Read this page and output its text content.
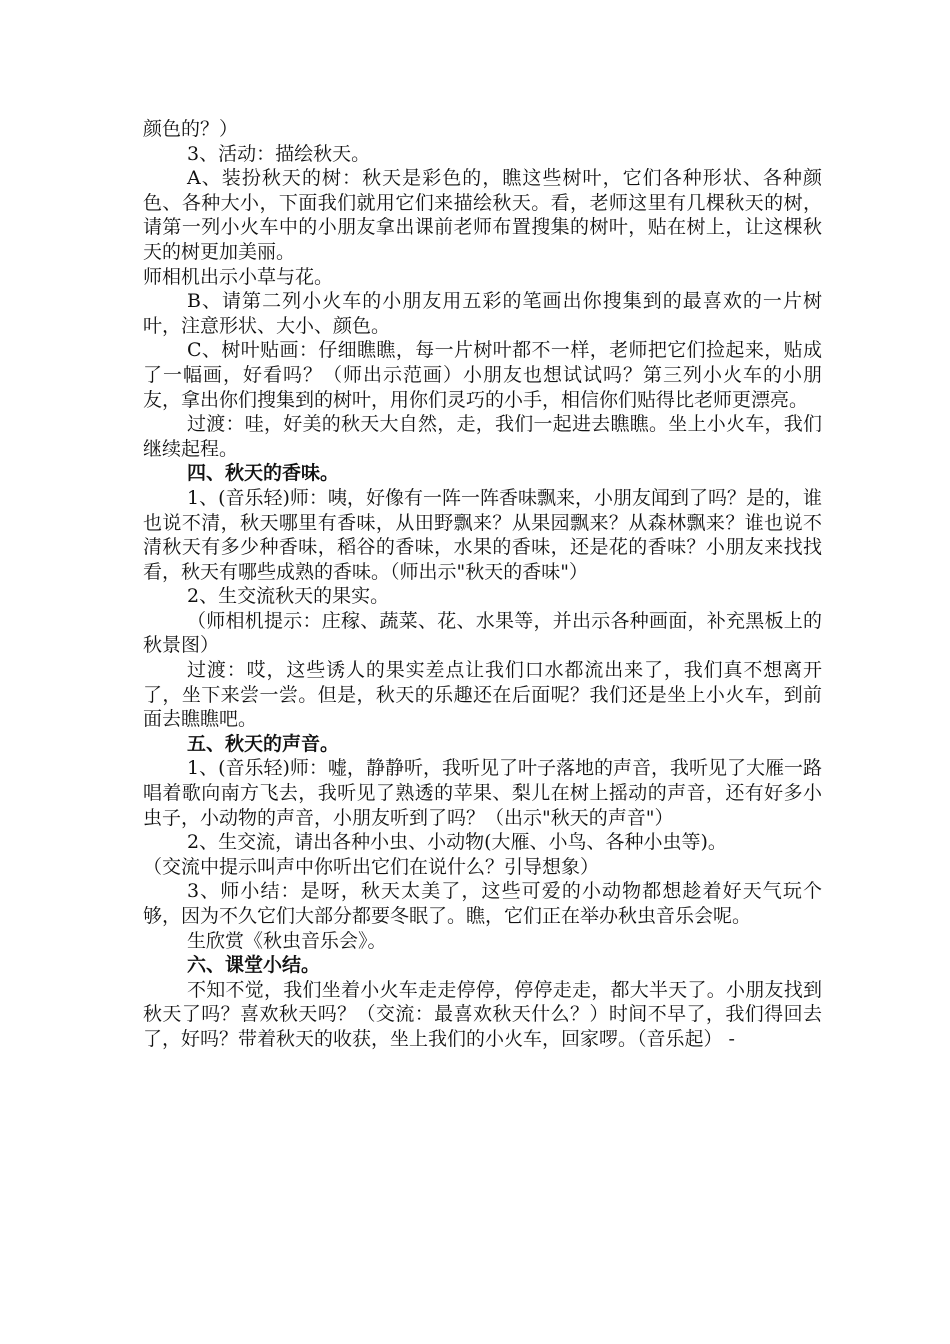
颜色的？）

3、活动：描绘秋天。

A、装扮秋天的树：秋天是彩色的，瞧这些树叶，它们各种形状、各种颜色、各种大小，下面我们就用它们来描绘秋天。看，老师这里有几棵秋天的树，请第一列小火车中的小朋友拿出课前老师布置搜集的树叶，贴在树上，让这棵秋天的树更加美丽。

师相机出示小草与花。

B、请第二列小火车的小朋友用五彩的笔画出你搜集到的最喜欢的一片树叶，注意形状、大小、颜色。

C、树叶贴画：仔细瞧瞧，每一片树叶都不一样，老师把它们捡起来，贴成了一幅画，好看吗？（师出示范画）小朋友也想试试吗？第三列小火车的小朋友，拿出你们搜集到的树叶，用你们灵巧的小手，相信你们贴得比老师更漂亮。

过渡：哇，好美的秋天大自然，走，我们一起进去瞧瞧。坐上小火车，我们继续起程。

四、秋天的香味。

1、(音乐轻)师：咦，好像有一阵一阵香味飘来，小朋友闻到了吗？是的，谁也说不清，秋天哪里有香味，从田野飘来？从果园飘来？从森林飘来？谁也说不清秋天有多少种香味，稻谷的香味，水果的香味，还是花的香味？小朋友来找找看，秋天有哪些成熟的香味。（师出示"秋天的香味"）

2、生交流秋天的果实。

（师相机提示：庄稼、蔬菜、花、水果等，并出示各种画面，补充黑板上的秋景图）

过渡：哎，这些诱人的果实差点让我们口水都流出来了，我们真不想离开了，坐下来尝一尝。但是，秋天的乐趣还在后面呢？我们还是坐上小火车，到前面去瞧瞧吧。

五、秋天的声音。

1、(音乐轻)师：嘘，静静听，我听见了叶子落地的声音，我听见了大雁一路唱着歌向南方飞去，我听见了熟透的苹果、梨儿在树上摇动的声音，还有好多小虫子，小动物的声音，小朋友听到了吗？（出示"秋天的声音"）

2、生交流，请出各种小虫、小动物(大雁、小鸟、各种小虫等)。

（交流中提示叫声中你听出它们在说什么？引导想象）

3、师小结：是呀，秋天太美了，这些可爱的小动物都想趁着好天气玩个够，因为不久它们大部分都要冬眠了。瞧，它们正在举办秋虫音乐会呢。

生欣赏《秋虫音乐会》。

六、课堂小结。

不知不觉，我们坐着小火车走走停停，停停走走，都大半天了。小朋友找到秋天了吗？喜欢秋天吗？（交流：最喜欢秋天什么？）时间不早了，我们得回去了，好吗？带着秋天的收获，坐上我们的小火车，回家啰。（音乐起） -
